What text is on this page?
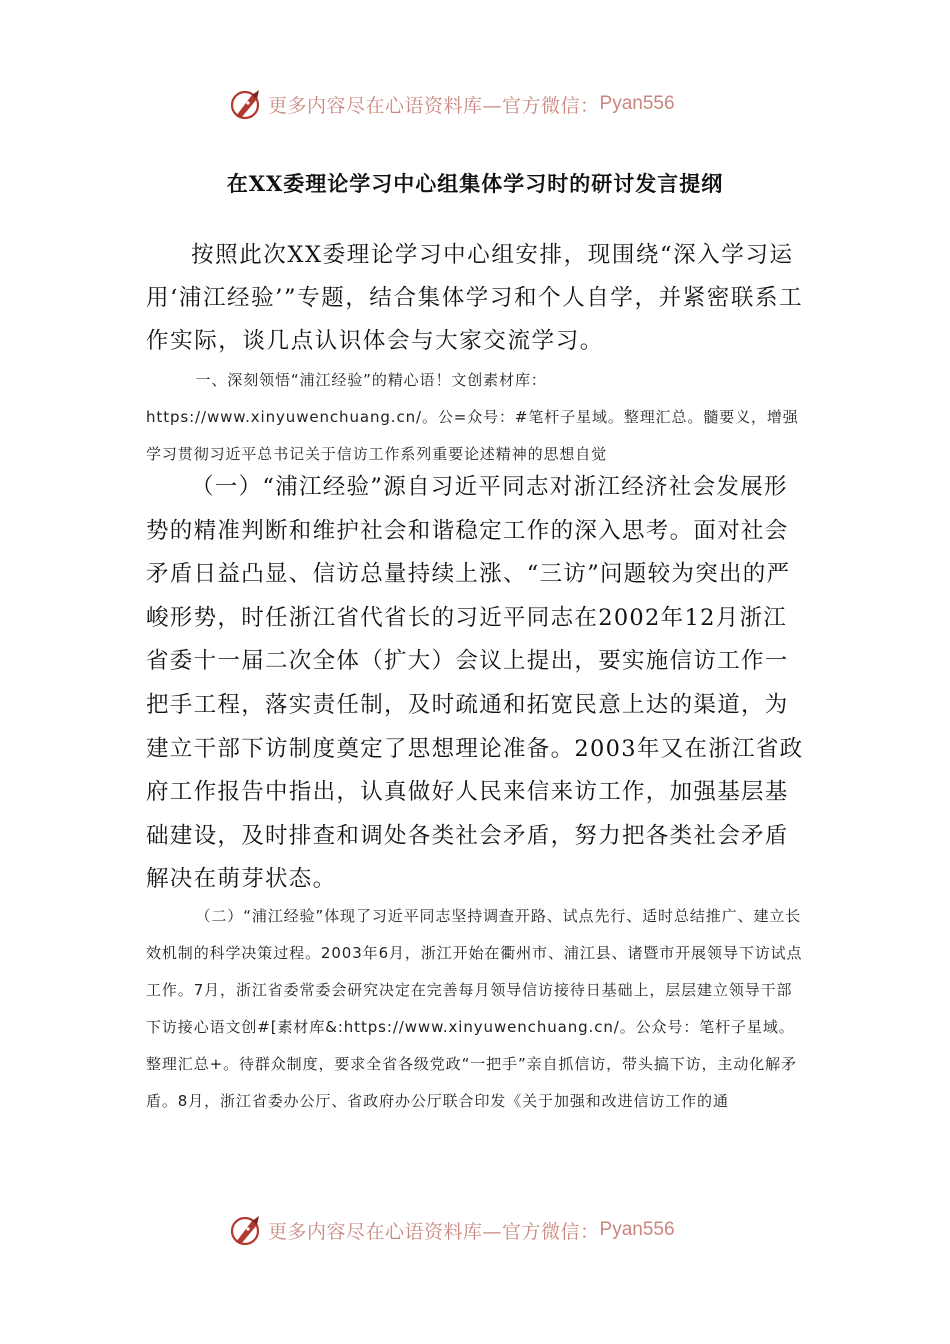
更多内容尽在心语资料库—官方微信： Pyan556
在XX委理论学习中心组集体学习时的研讨发言提纲

按照此次XX委理论学习中心组安排，现围绕“深入学习运用‘浦江经验’”专题，结合集体学习和个人自学，并紧密联系工作实际，谈几点认识体会与大家交流学习。

一、深刻领悟“浦江经验”的精心语！文创素材库：https://www.xinyuwenchuang.cn/。公=众号：#笔杆子星域。整理汇总。髓要义，增强学习贯彻习近平总书记关于信访工作系列重要论述精神的思想自觉

（一）“浦江经验”源自习近平同志对浙江经济社会发展形势的精准判断和维护社会和谐稳定工作的深入思考。面对社会矛盾日益凸显、信访总量持续上涨、“三访”问题较为突出的严峻形势，时任浙江省代省长的习近平同志在2002年12月浙江省委十一届二次全体（扩大）会议上提出，要实施信访工作一把手工程，落实责任制，及时疏通和拓宽民意上达的渠道，为建立干部下访制度奠定了思想理论准备。2003年又在浙江省政府工作报告中指出，认真做好人民来信来访工作，加强基层基础建设，及时排查和调处各类社会矛盾，努力把各类社会矛盾解决在萌芽状态。

（二）“浦江经验”体现了习近平同志坚持调查开路、试点先行、适时总结推广、建立长效机制的科学决策过程。2003年6月，浙江开始在衢州市、浦江县、诸暨市开展领导下访试点工作。7月，浙江省委常委会研究决定在完善每月领导信访接待日基础上，层层建立领导干部下访接心语文创#[素材库&:https://www.xinyuwenchuang.cn/。公众号：笔杆子星域。整理汇总+。待群众制度，要求全省各级党政“一把手”亲自抓信访，带头搞下访，主动化解矛盾。8月，浙江省委办公厅、省政府办公厅联合印发《关于加强和改进信访工作的通

更多内容尽在心语资料库—官方微信： Pyan556
